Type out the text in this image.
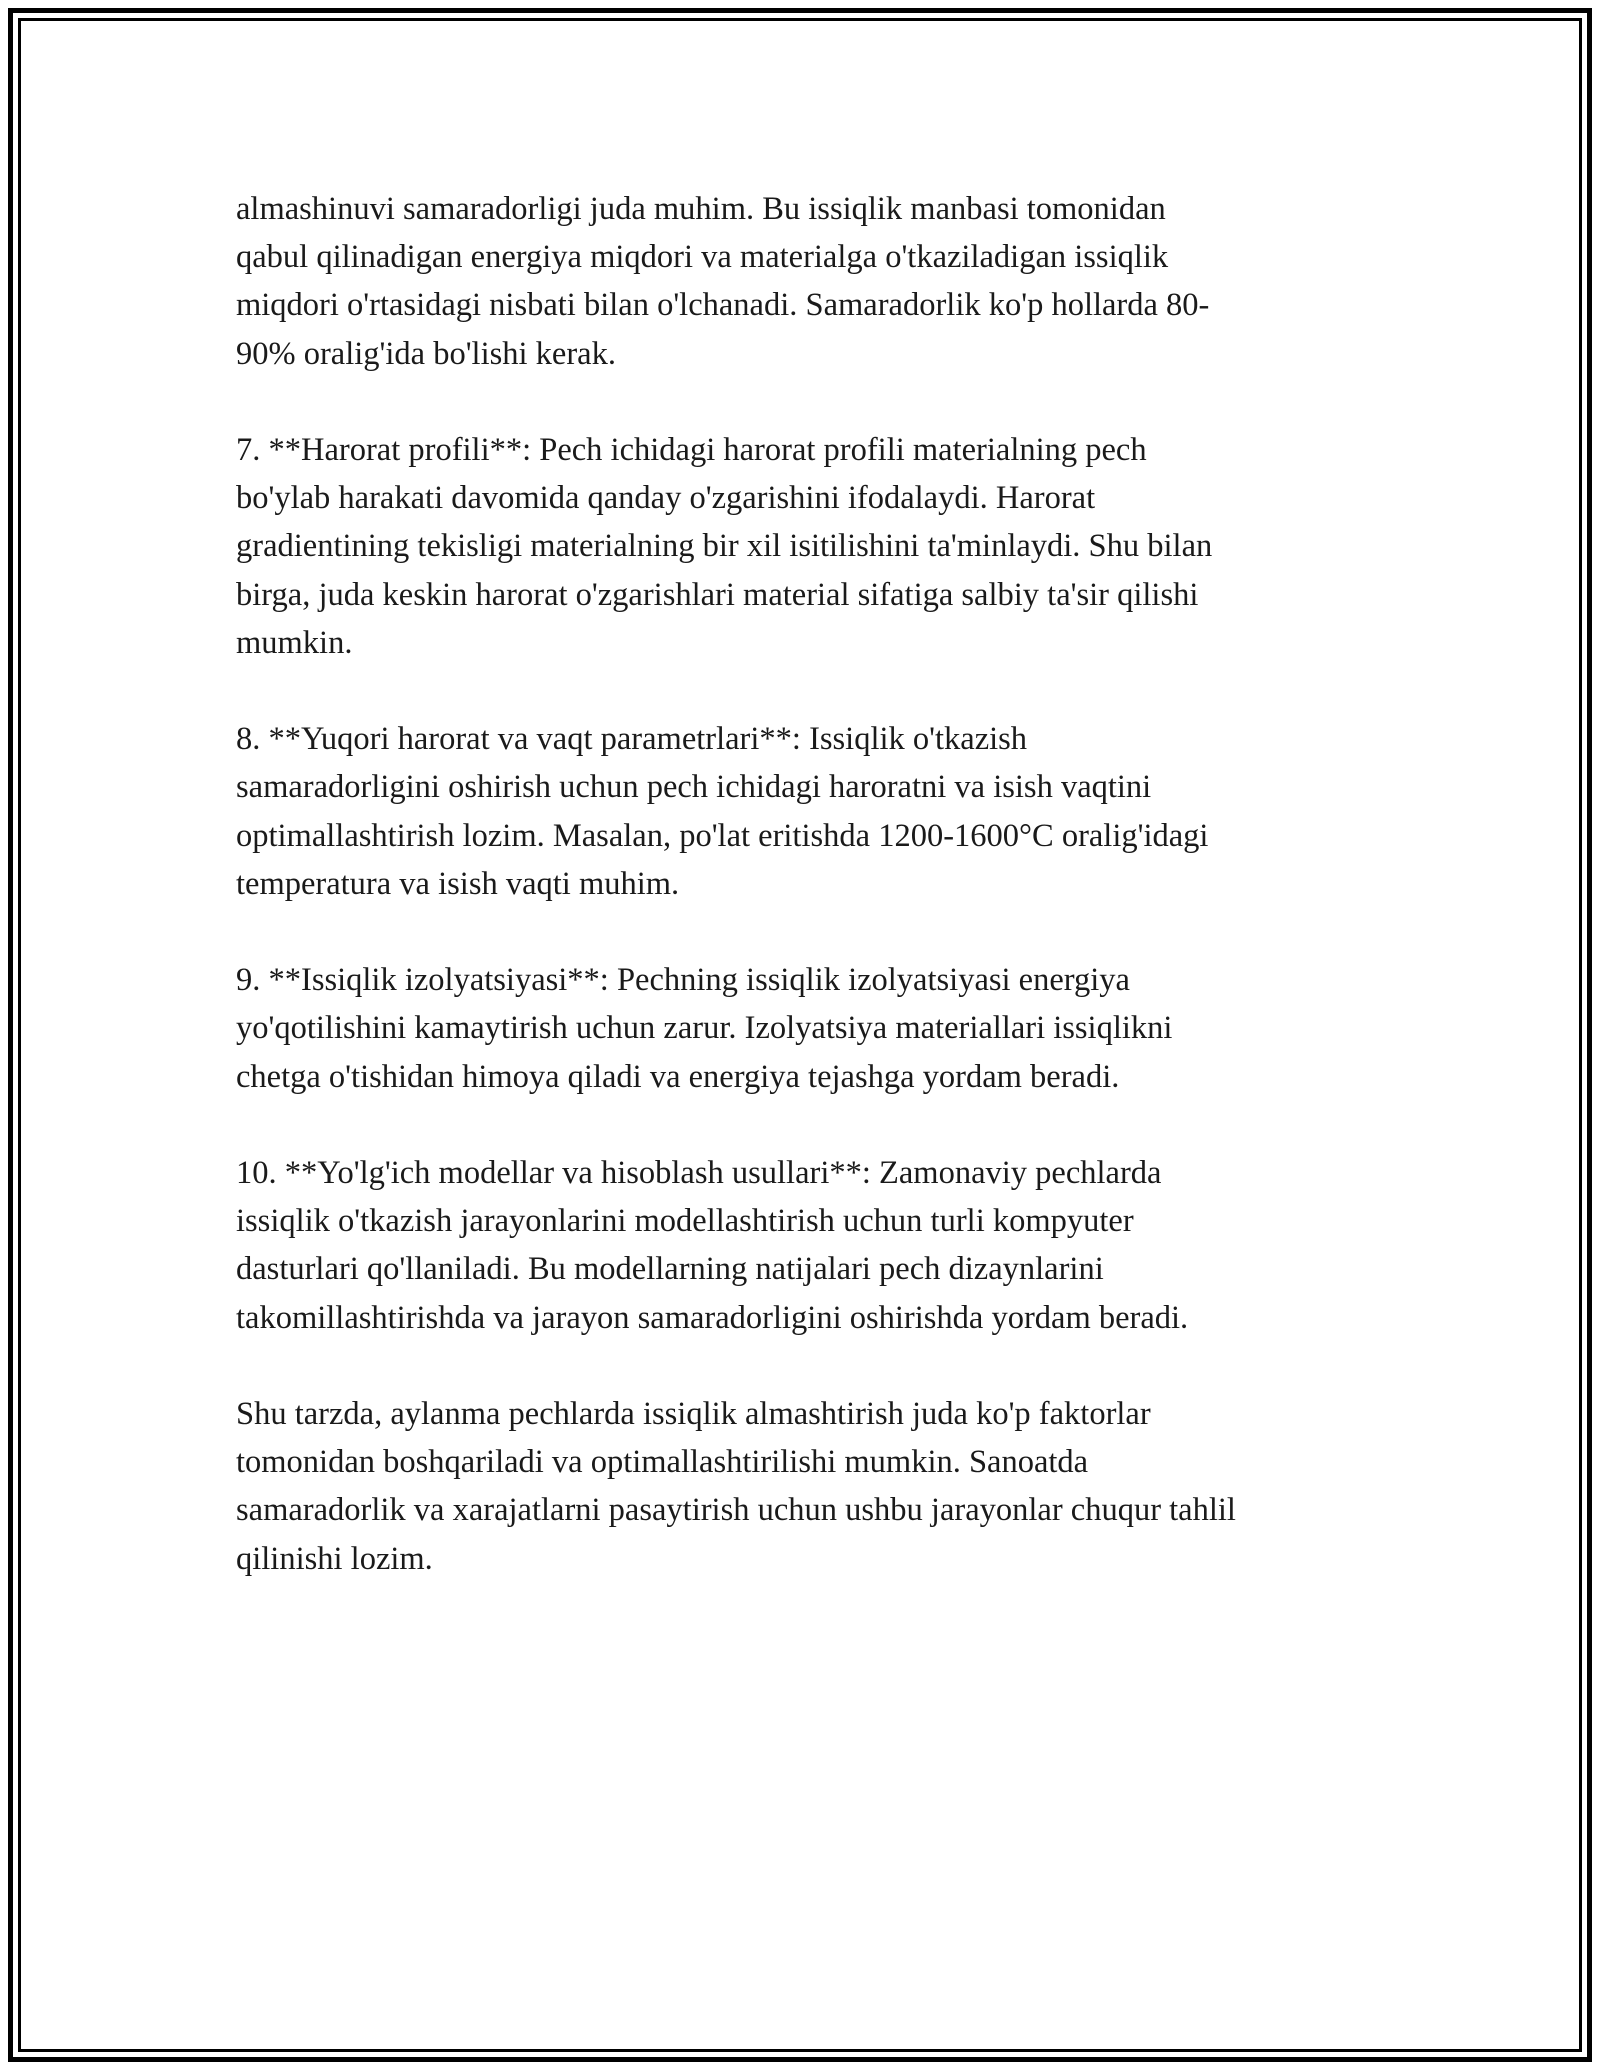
almashinuvi samaradorligi juda muhim. Bu issiqlik manbasi tomonidan
qabul qilinadigan energiya miqdori va materialga o'tkaziladigan issiqlik
miqdori o'rtasidagi nisbati bilan o'lchanadi. Samaradorlik ko'p hollarda 80-
90% oralig'ida bo'lishi kerak.

7. **Harorat profili**: Pech ichidagi harorat profili materialning pech
bo'ylab harakati davomida qanday o'zgarishini ifodalaydi. Harorat
gradientining tekisligi materialning bir xil isitilishini ta'minlaydi. Shu bilan
birga, juda keskin harorat o'zgarishlari material sifatiga salbiy ta'sir qilishi
mumkin.

8. **Yuqori harorat va vaqt parametrlari**: Issiqlik o'tkazish
samaradorligini oshirish uchun pech ichidagi haroratni va isish vaqtini
optimallashtirish lozim. Masalan, po'lat eritishda 1200-1600°C oralig'idagi
temperatura va isish vaqti muhim.

9. **Issiqlik izolyatsiyasi**: Pechning issiqlik izolyatsiyasi energiya
yo'qotilishini kamaytirish uchun zarur. Izolyatsiya materiallari issiqlikni
chetga o'tishidan himoya qiladi va energiya tejashga yordam beradi.

10. **Yo'lg'ich modellar va hisoblash usullari**: Zamonaviy pechlarda
issiqlik o'tkazish jarayonlarini modellashtirish uchun turli kompyuter
dasturlari qo'llaniladi. Bu modellarning natijalari pech dizaynlarini
takomillashtirishda va jarayon samaradorligini oshirishda yordam beradi.

Shu tarzda, aylanma pechlarda issiqlik almashtirish juda ko'p faktorlar
tomonidan boshqariladi va optimallashtirilishi mumkin. Sanoatda
samaradorlik va xarajatlarni pasaytirish uchun ushbu jarayonlar chuqur tahlil
qilinishi lozim.
